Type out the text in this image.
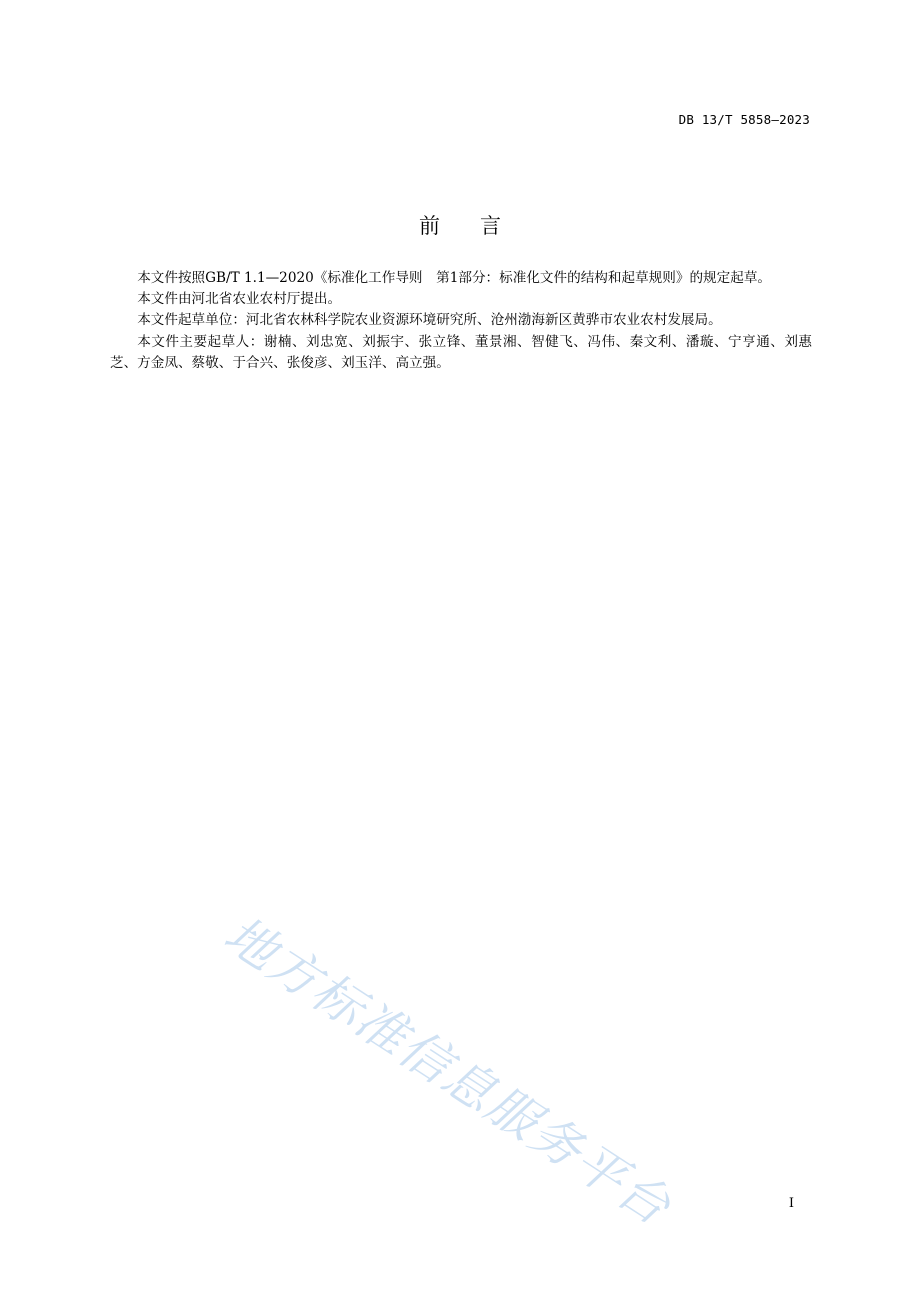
DB 13/T 5858—2023
前言

本文件按照GB/T 1.1—2020《标准化工作导则　第1部分：标准化文件的结构和起草规则》的规定起草。

本文件由河北省农业农村厅提出。

本文件起草单位：河北省农林科学院农业资源环境研究所、沧州渤海新区黄骅市农业农村发展局。

本文件主要起草人：谢楠、刘忠宽、刘振宇、张立锋、董景湘、智健飞、冯伟、秦文利、潘璇、宁亨通、刘惠芝、方金凤、蔡敬、于合兴、张俊彦、刘玉洋、高立强。

地方标准信息服务平台	I
